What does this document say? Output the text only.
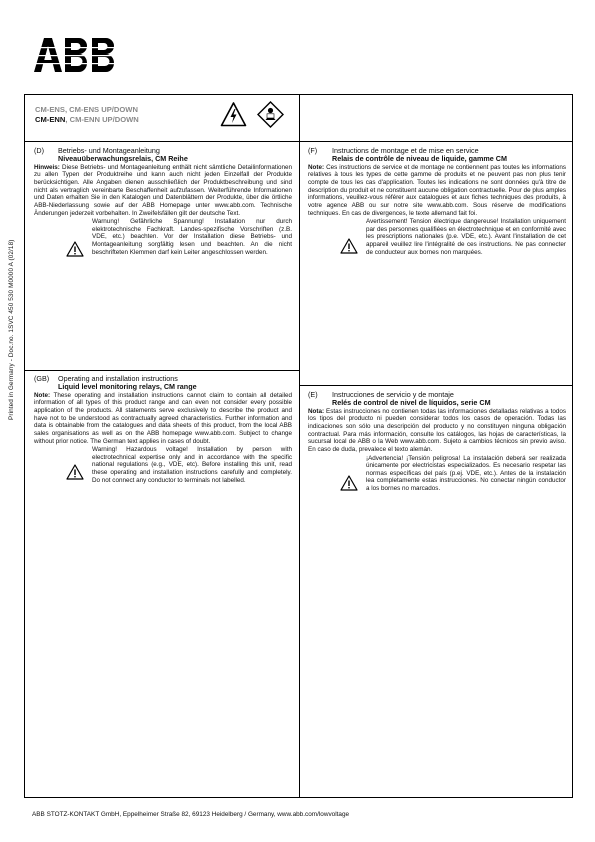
Printed in Germany - Doc.no. 1SVC 450 530 M0000 A (02/18)
CM-ENS, CM-ENS UP/DOWN
CM-ENN, CM-ENN UP/DOWN
(D) Betriebs- und Montageanleitung
Niveauüberwachungsrelais, CM Reihe

Hinweis: Diese Betriebs- und Montageanleitung enthält nicht sämtliche Detailinformationen zu allen Typen der Produktreihe und kann auch nicht jeden Einzelfall der Produkte berücksichtigen. Alle Angaben dienen ausschließlich der Produktbeschreibung und sind nicht als vertraglich vereinbarte Beschaffenheit aufzufassen. Weiterführende Informationen und Daten erhalten Sie in den Katalogen und Datenblättern der Produkte, über die örtliche ABB-Niederlassung sowie auf der ABB Homepage unter www.abb.com. Technische Änderungen jederzeit vorbehalten. In Zweifelsfällen gilt der deutsche Text.

Warnung! Gefährliche Spannung! Installation nur durch elektrotechnische Fachkraft. Landes-spezifische Vorschriften (z.B. VDE, etc.) beachten. Vor der Installation diese Betriebs- und Montageanleitung sorgfältig lesen und beachten. An die nicht beschrifteten Klemmen darf kein Leiter angeschlossen werden.

(GB) Operating and installation instructions
Liquid level monitoring relays, CM range

Note: These operating and installation instructions cannot claim to contain all detailed information of all types of this product range and can even not consider every possible application of the products. All statements serve exclusively to describe the product and have not to be understood as contractually agreed characteristics. Further information and data is obtainable from the catalogues and data sheets of this product, from the local ABB sales organisations as well as on the ABB homepage www.abb.com. Subject to change without prior notice. The German text applies in cases of doubt.

Warning! Hazardous voltage! Installation by person with electrotechnical expertise only and in accordance with the specific national regulations (e.g., VDE, etc). Before installing this unit, read these operating and installation instructions carefully and completely. Do not connect any conductor to terminals not labelled.

(F) Instructions de montage et de mise en service
Relais de contrôle de niveau de liquide, gamme CM

Note: Ces instructions de service et de montage ne contiennent pas toutes les informations relatives à tous les types de cette gamme de produits et ne peuvent pas non plus tenir compte de tous les cas d'application. Toutes les indications ne sont données qu'à titre de description du produit et ne constituent aucune obligation contractuelle. Pour de plus amples informations, veuillez-vous référer aux catalogues et aux fiches techniques des produits, à votre agence ABB ou sur notre site www.abb.com. Sous réserve de modifications techniques. En cas de divergences, le texte allemand fait foi.

Avertissement! Tension électrique dangereuse! Installation uniquement par des personnes qualifiées en électrotechnique et en conformité avec les prescriptions nationales (p.e. VDE, etc.). Avant l'installation de cet appareil veuillez lire l'intégralité de ces instructions. Ne pas connecter de conducteur aux bornes non marquées.

(E) Instrucciones de servicio y de montaje
Relés de control de nivel de líquidos, serie CM

Nota: Estas instrucciones no contienen todas las informaciones detalladas relativas a todos los tipos del producto ni pueden considerar todos los casos de operación. Todas las indicaciones son sólo una descripción del producto y no constituyen ninguna obligación contractual. Para más información, consulte los catálogos, las hojas de características, la sucursal local de ABB o la Web www.abb.com. Sujeto a cambios técnicos sin previo aviso. En caso de duda, prevalece el texto alemán.

¡Advertencia! ¡Tensión peligrosa! La instalación deberá ser realizada únicamente por electricistas especializados. Es necesario respetar las normas específicas del país (p.ej. VDE, etc.). Antes de la instalación lea completamente estas instrucciones. No conectar ningún conductor a los bornes no marcados.

ABB STOTZ-KONTAKT GmbH, Eppelheimer Straße 82, 69123 Heidelberg / Germany, www.abb.com/lowvoltage
